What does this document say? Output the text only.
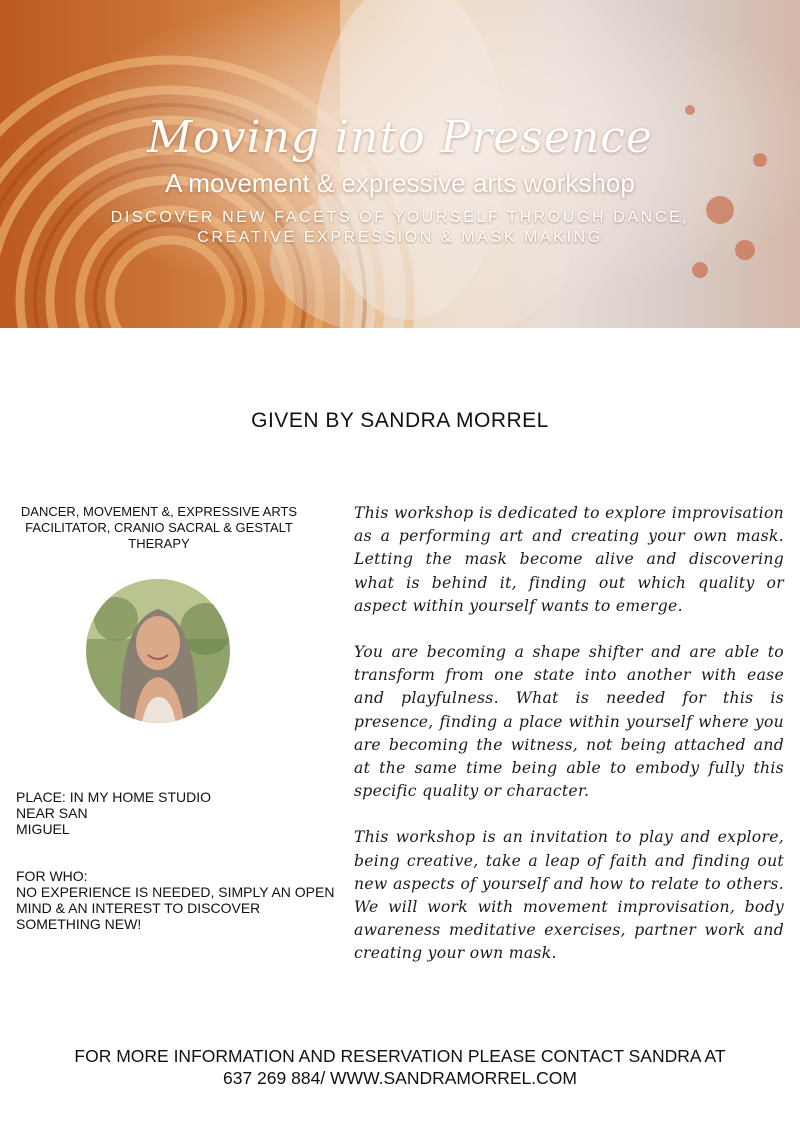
Moving into Presence
A movement & expressive arts workshop
DISCOVER NEW FACETS OF YOURSELF THROUGH DANCE, CREATIVE EXPRESSION & MASK MAKING
GIVEN BY SANDRA MORREL
DANCER, MOVEMENT &, EXPRESSIVE ARTS FACILITATOR, CRANIO SACRAL & GESTALT THERAPY
PLACE: IN MY HOME STUDIO
NEAR SAN
MIGUEL
FOR WHO:
NO EXPERIENCE IS NEEDED, SIMPLY AN OPEN MIND & AN INTEREST TO DISCOVER SOMETHING NEW!

This workshop is dedicated to explore improvisation as a performing art and creating your own mask. Letting the mask become alive and discovering what is behind it, finding out which quality or aspect within yourself wants to emerge.

You are becoming a shape shifter and are able to transform from one state into another with ease and playfulness. What is needed for this is presence, finding a place within yourself where you are becoming the witness, not being attached and at the same time being able to embody fully this specific quality or character.

This workshop is an invitation to play and explore, being creative, take a leap of faith and finding out new aspects of yourself and how to relate to others. We will work with movement improvisation, body awareness meditative exercises, partner work and creating your own mask.

FOR MORE INFORMATION AND RESERVATION PLEASE CONTACT SANDRA AT
637 269 884/ WWW.SANDRAMORREL.COM
